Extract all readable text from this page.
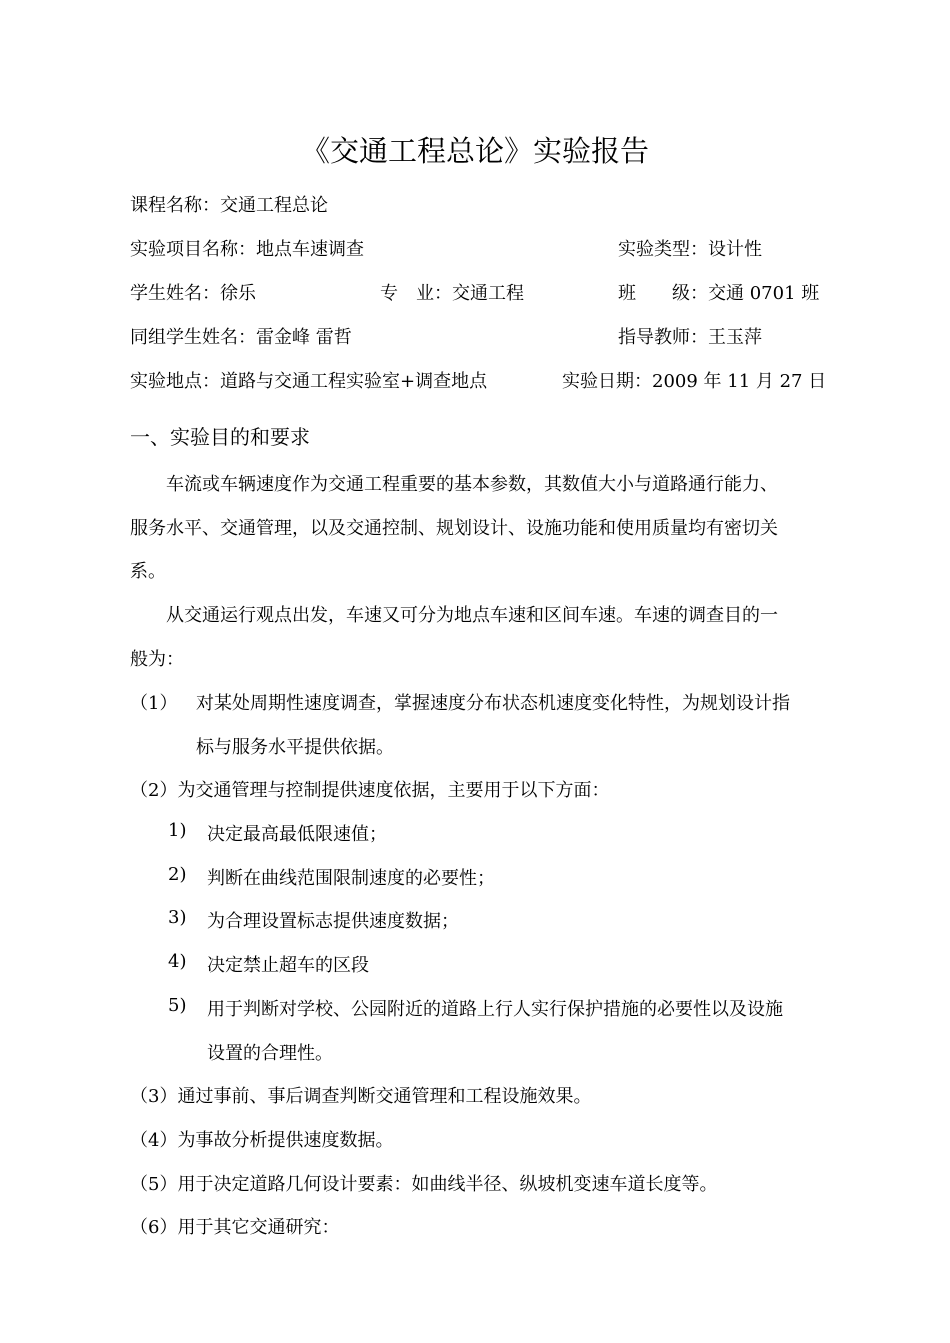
《交通工程总论》实验报告
课程名称：交通工程总论
实验项目名称：地点车速调查	实验类型：设计性
学生姓名：徐乐	专　业：交通工程	班　　级：交通 0701 班
同组学生姓名：雷金峰 雷哲	指导教师：王玉萍
实验地点：道路与交通工程实验室+调查地点	实验日期：2009 年 11 月 27 日
一、实验目的和要求
车流或车辆速度作为交通工程重要的基本参数，其数值大小与道路通行能力、
服务水平、交通管理，以及交通控制、规划设计、设施功能和使用质量均有密切关
系。
从交通运行观点出发，车速又可分为地点车速和区间车速。车速的调查目的一
般为：
（1） 对某处周期性速度调查，掌握速度分布状态机速度变化特性，为规划设计指
标与服务水平提供依据。
（2）为交通管理与控制提供速度依据，主要用于以下方面：
1) 决定最高最低限速值；
2) 判断在曲线范围限制速度的必要性；
3) 为合理设置标志提供速度数据；
4) 决定禁止超车的区段
5) 用于判断对学校、公园附近的道路上行人实行保护措施的必要性以及设施
设置的合理性。
（3）通过事前、事后调查判断交通管理和工程设施效果。
（4）为事故分析提供速度数据。
（5）用于决定道路几何设计要素：如曲线半径、纵坡机变速车道长度等。
（6）用于其它交通研究：
